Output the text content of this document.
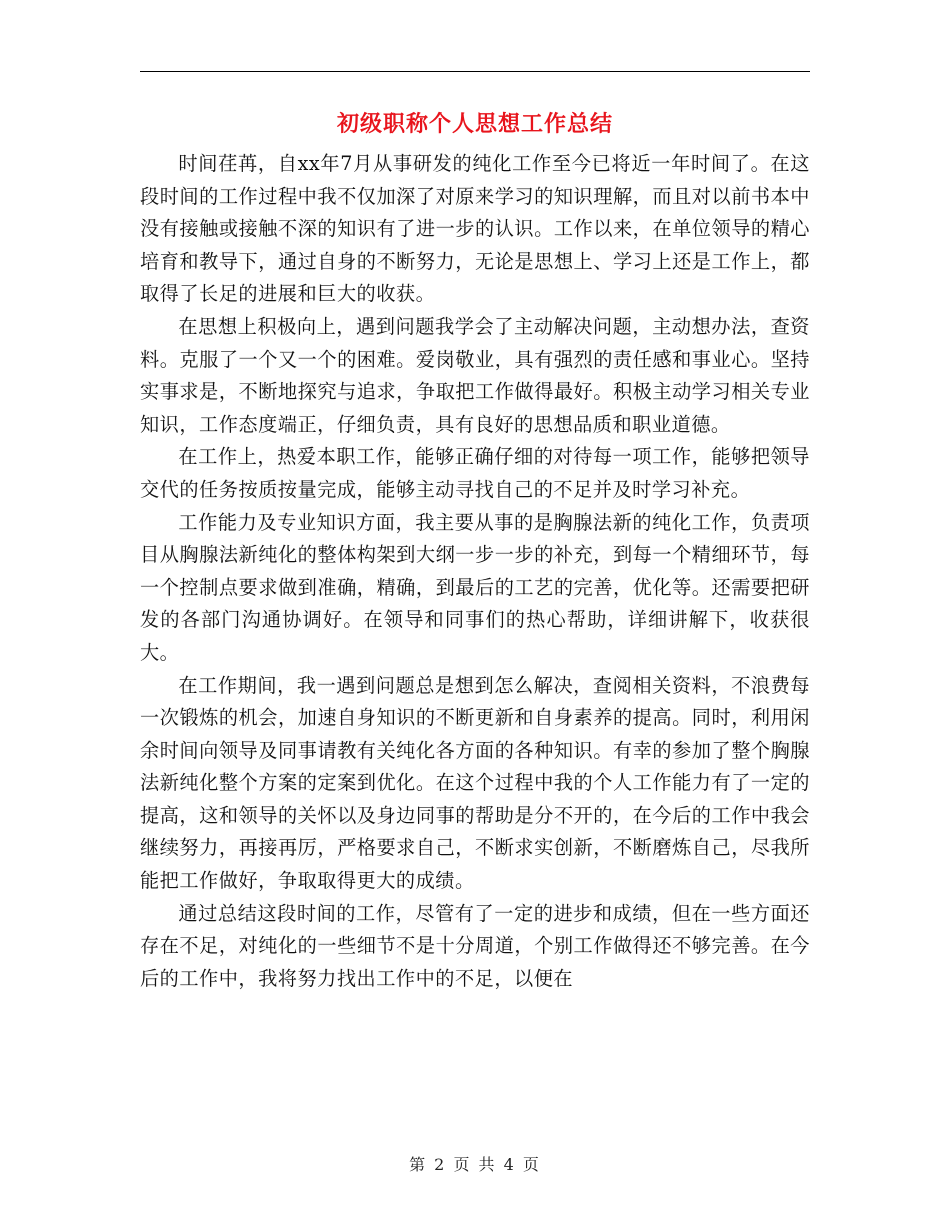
初级职称个人思想工作总结

时间荏苒，自xx年7月从事研发的纯化工作至今已将近一年时间了。在这段时间的工作过程中我不仅加深了对原来学习的知识理解，而且对以前书本中没有接触或接触不深的知识有了进一步的认识。工作以来，在单位领导的精心培育和教导下，通过自身的不断努力，无论是思想上、学习上还是工作上，都取得了长足的进展和巨大的收获。

在思想上积极向上，遇到问题我学会了主动解决问题，主动想办法，查资料。克服了一个又一个的困难。爱岗敬业，具有强烈的责任感和事业心。坚持实事求是，不断地探究与追求，争取把工作做得最好。积极主动学习相关专业知识，工作态度端正，仔细负责，具有良好的思想品质和职业道德。

在工作上，热爱本职工作，能够正确仔细的对待每一项工作，能够把领导交代的任务按质按量完成，能够主动寻找自己的不足并及时学习补充。

工作能力及专业知识方面，我主要从事的是胸腺法新的纯化工作，负责项目从胸腺法新纯化的整体构架到大纲一步一步的补充，到每一个精细环节，每一个控制点要求做到准确，精确，到最后的工艺的完善，优化等。还需要把研发的各部门沟通协调好。在领导和同事们的热心帮助，详细讲解下，收获很大。

在工作期间，我一遇到问题总是想到怎么解决，查阅相关资料，不浪费每一次锻炼的机会，加速自身知识的不断更新和自身素养的提高。同时，利用闲余时间向领导及同事请教有关纯化各方面的各种知识。有幸的参加了整个胸腺法新纯化整个方案的定案到优化。在这个过程中我的个人工作能力有了一定的提高，这和领导的关怀以及身边同事的帮助是分不开的，在今后的工作中我会继续努力，再接再厉，严格要求自己，不断求实创新，不断磨炼自己，尽我所能把工作做好，争取取得更大的成绩。

通过总结这段时间的工作，尽管有了一定的进步和成绩，但在一些方面还存在不足，对纯化的一些细节不是十分周道，个别工作做得还不够完善。在今后的工作中，我将努力找出工作中的不足，以便在

第 2 页 共 4 页
